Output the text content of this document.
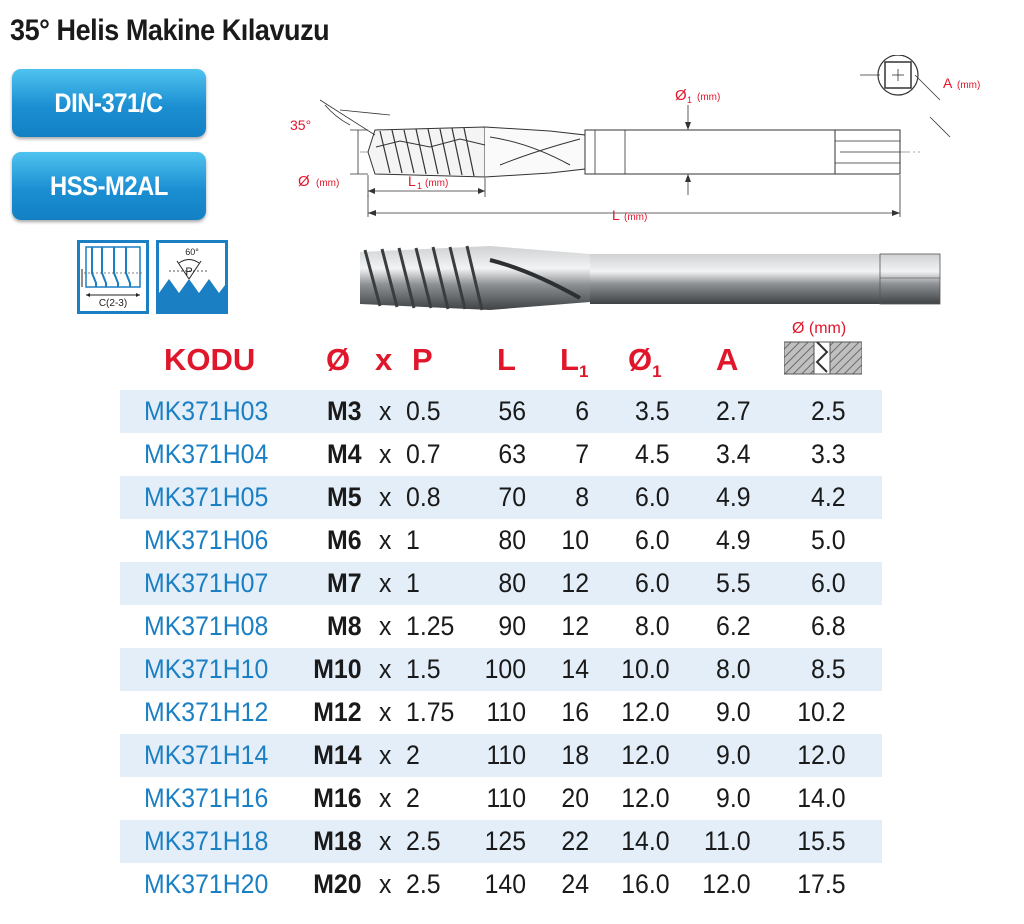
35° Helis Makine Kılavuzu
DIN-371/C
HSS-M2AL
C(2-3)
60°
P
35°
Ø (mm)	L 1 (mm)
L (mm)
Ø 1 (mm)
A (mm)
KODU Ø x P L $L_1$ $Ø_1$ A
Ø (mm)
MK371H03 M3 x 0.5 56 6 3.5 2.7 2.5
MK371H04 M4 x 0.7 63 7 4.5 3.4 3.3
MK371H05 M5 x 0.8 70 8 6.0 4.9 4.2
MK371H06 M6 x 1	80 10 6.0 4.9 5.0
MK371H07 M7 x 1	80 12 6.0 5.5 6.0
MK371H08 M8 x 1.25 90 12 8.0 6.2 6.8
MK371H10 M10 x 1.5 100 14 10.0 8.0 8.5
MK371H12 M12 x 1.75 110 16 12.0 9.0 10.2
MK371H14 M14 x 2 110 18 12.0 9.0 12.0
MK371H16 M16 x 2 110 20 12.0 9.0 14.0
MK371H18 M18 x 2.5 125 22 14.0 11.0 15.5
MK371H20 M20 x 2.5 140 24 16.0 12.0 17.5
